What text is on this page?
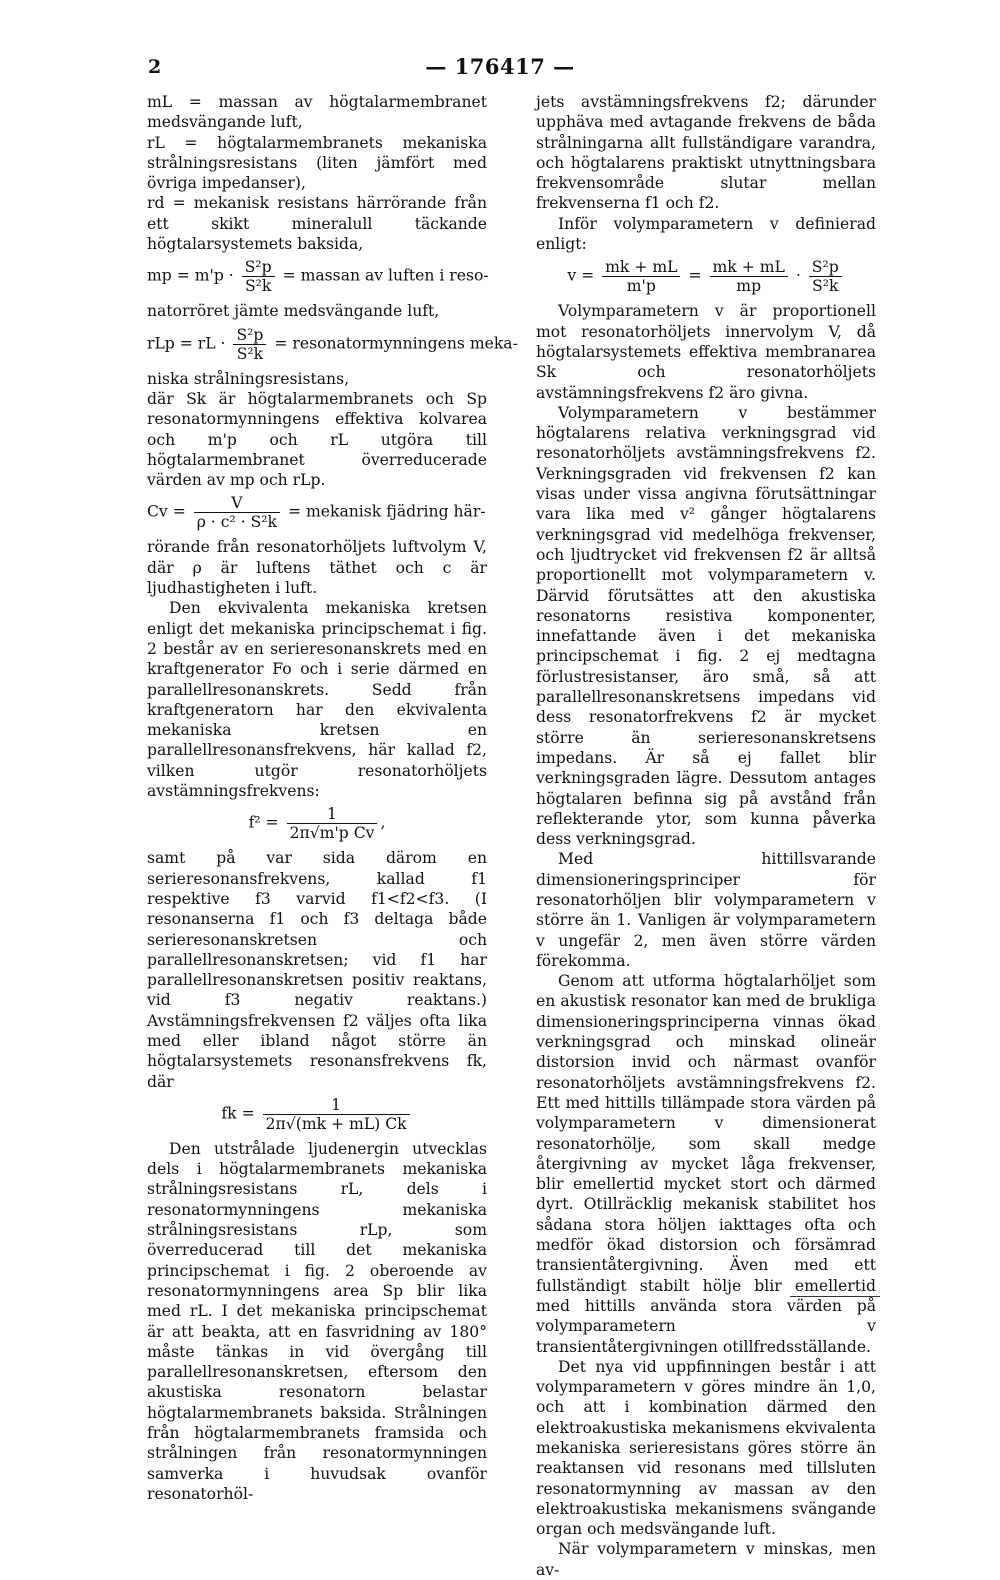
2	— 176417 —

mL = massan av högtalarmembranet medsvängande luft,

rL = högtalarmembranets mekaniska strålningsresistans (liten jämfört med övriga impedanser),

rd = mekanisk resistans härrörande från ett skikt mineralull täckande högtalarsystemets baksida,

mp = $m'p \cdot \frac{\text{S²p}}{\text{S²k}}$ = massan av luften i reso-

natorröret jämte medsvängande luft,

rLp = rL · $\frac{\text{S²p}}{\text{S²k}}$ = resonatormynningens meka-

niska strålningsresistans,

där Sk är högtalarmembranets och Sp resonatormynningens effektiva kolvarea och m'p och rL utgöra till högtalarmembranet överreducerade värden av mp och rLp.

$Cv = \frac{V}{\text{ρ · c² · S²k}}$ = mekanisk fjädring här-

rörande från resonatorhöljets luftvolym V, där ρ är luftens täthet och c är ljudhastigheten i luft.

Den ekvivalenta mekaniska kretsen enligt det mekaniska principschemat i fig. 2 består av en serieresonanskrets med en kraftgenerator Fo och i serie därmed en parallellresonanskrets. Sedd från kraftgeneratorn har den ekvivalenta mekaniska kretsen en parallellresonansfrekvens, här kallad f2, vilken utgör resonatorhöljets avstämningsfrekvens:

$f^2 = \frac{1}{\text{2π√m'p Cv}}$ ,

samt på var sida därom en serieresonansfrekvens, kallad f1 respektive f3 varvid f1<f2<f3. (I resonanserna f1 och f3 deltaga både serieresonanskretsen och parallellresonanskretsen; vid f1 har parallellresonanskretsen positiv reaktans, vid f3 negativ reaktans.) Avstämningsfrekvensen f2 väljes ofta lika med eller ibland något större än högtalarsystemets resonansfrekvens fk, där

fk = $\frac{1}{2\pi√(mk + mL) Ck}$

Den utstrålade ljudenergin utvecklas dels i högtalarmembranets mekaniska strålningsresistans rL, dels i resonatormynningens mekaniska strålningsresistans rLp, som överreducerad till det mekaniska principschemat i fig. 2 oberoende av resonatormynningens area Sp blir lika med rL. I det mekaniska principschemat är att beakta, att en fasvridning av 180° måste tänkas in vid övergång till parallellresonanskretsen, eftersom den akustiska resonatorn belastar högtalarmembranets baksida. Strålningen från högtalarmembranets framsida och strålningen från resonatormynningen samverka i huvudsak ovanför resonatorhöl-

jets avstämningsfrekvens f2; därunder upphäva med avtagande frekvens de båda strålningarna allt fullständigare varandra, och högtalarens praktiskt utnyttningsbara frekvensområde slutar mellan frekvenserna f1 och f2.

Inför volymparametern v definierad enligt:

$v = \frac{mk + mL}{m'p} = \frac{mk + mL}{mp} \cdot \frac{\text{S²p}}{\text{S²k}}$

Volymparametern v är proportionell mot resonatorhöljets innervolym V, då högtalarsystemets effektiva membranarea Sk och resonatorhöljets avstämningsfrekvens f2 äro givna.

Volymparametern v bestämmer högtalarens relativa verkningsgrad vid resonatorhöljets avstämningsfrekvens f2. Verkningsgraden vid frekvensen f2 kan visas under vissa angivna förutsättningar vara lika med v² gånger högtalarens verkningsgrad vid medelhöga frekvenser, och ljudtrycket vid frekvensen f2 är alltså proportionellt mot volymparametern v. Därvid förutsättes att den akustiska resonatorns resistiva komponenter, innefattande även i det mekaniska principschemat i fig. 2 ej medtagna förlustresistanser, äro små, så att parallellresonanskretsens impedans vid dess resonatorfrekvens f2 är mycket större än serieresonanskretsens impedans. Är så ej fallet blir verkningsgraden lägre. Dessutom antages högtalaren befinna sig på avstånd från reflekterande ytor, som kunna påverka dess verkningsgrad.

Med hittillsvarande dimensioneringsprinciper för resonatorhöljen blir volymparametern v större än 1. Vanligen är volymparametern v ungefär 2, men även större värden förekomma.

Genom att utforma högtalarhöljet som en akustisk resonator kan med de brukliga dimensioneringsprinciperna vinnas ökad verkningsgrad och minskad olineär distorsion invid och närmast ovanför resonatorhöljets avstämningsfrekvens f2. Ett med hittills tillämpade stora värden på volymparametern v dimensionerat resonatorhölje, som skall medge återgivning av mycket låga frekvenser, blir emellertid mycket stort och därmed dyrt. Otillräcklig mekanisk stabilitet hos sådana stora höljen iakttages ofta och medför ökad distorsion och försämrad transientåtergivning. Även med ett fullständigt stabilt hölje blir emellertid med hittills använda stora värden på volymparametern v transientåtergivningen otillfredsställande.

Det nya vid uppfinningen består i att volymparametern v göres mindre än 1,0, och att i kombination därmed den elektroakustiska mekanismens ekvivalenta mekaniska serieresistans göres större än reaktansen vid resonans med tillsluten resonatormynning av massan av den elektroakustiska mekanismens svängande organ och medsvängande luft.

När volymparametern v minskas, men av-
